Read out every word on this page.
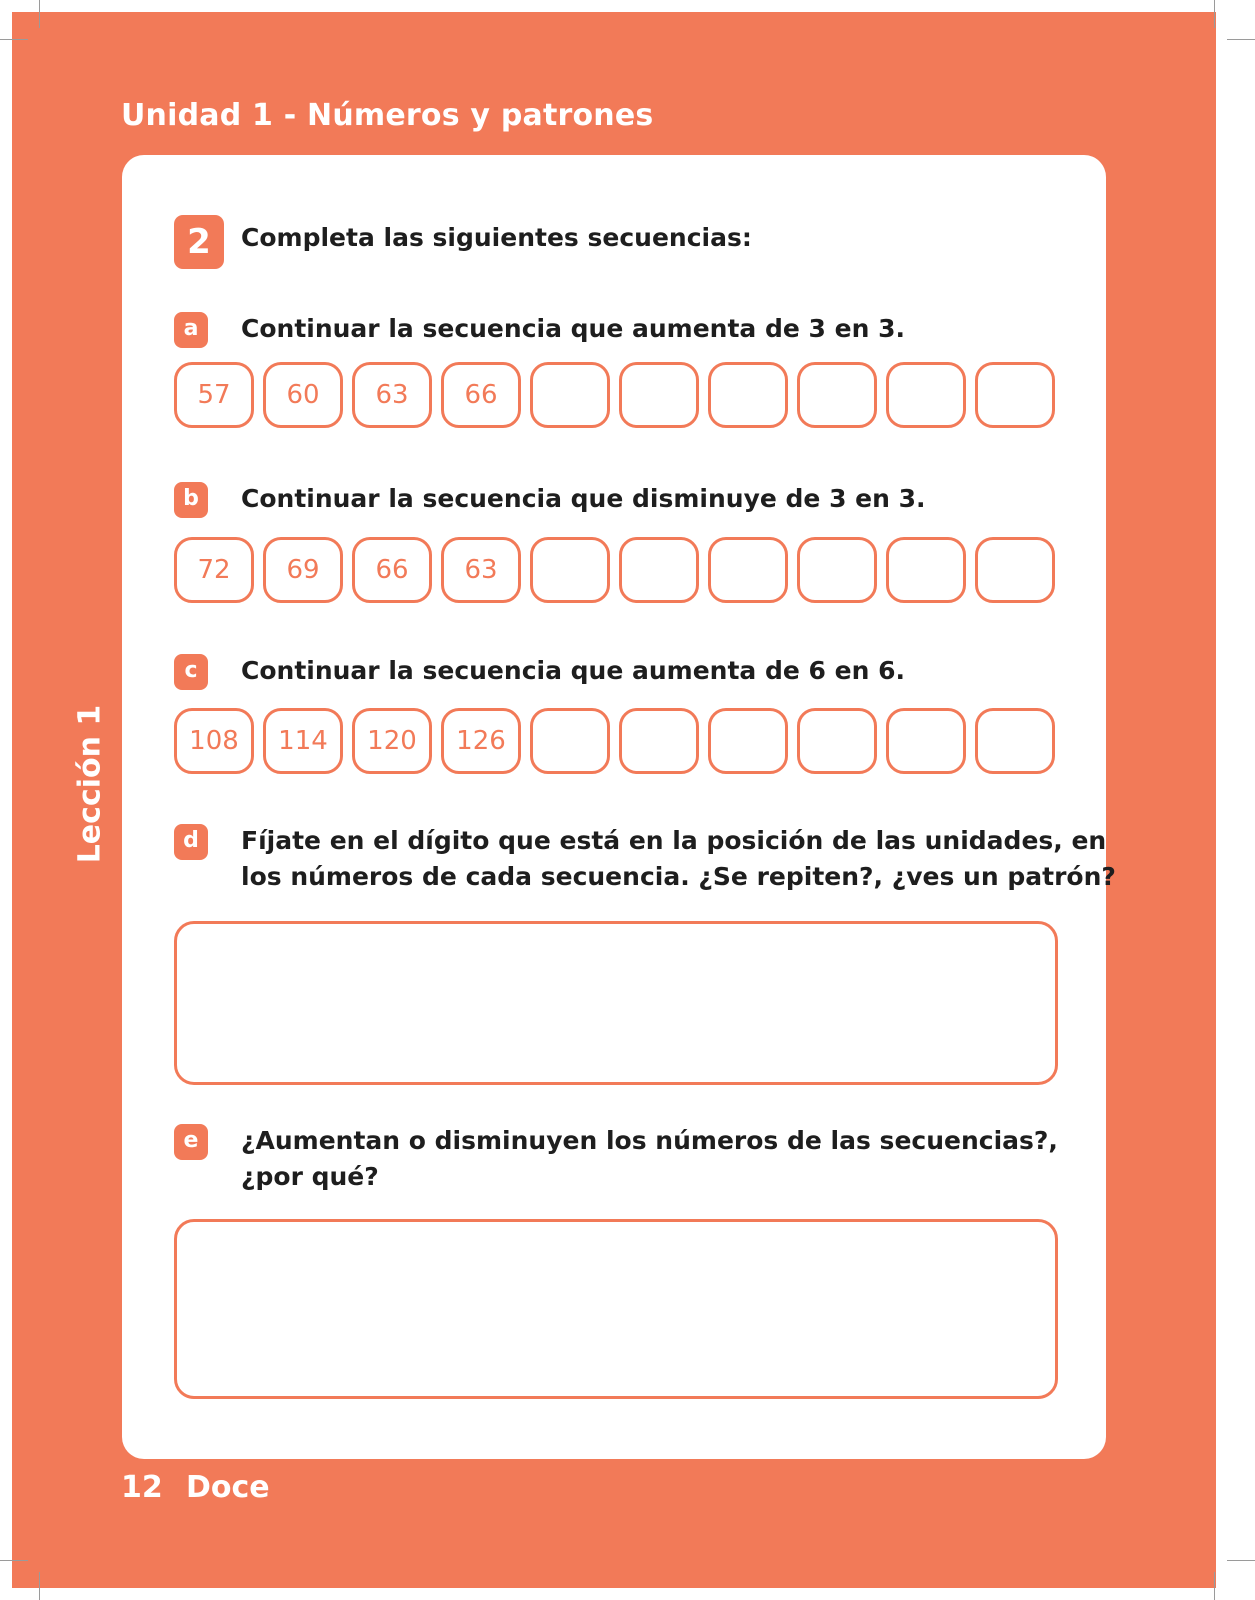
Unidad 1 - Números y patrones
Lección 1
2	Completa las siguientes secuencias:
a	Continuar la secuencia que aumenta de 3 en 3.
57	60	63	66
b	Continuar la secuencia que disminuye de 3 en 3.
72	69	66	63
c	Continuar la secuencia que aumenta de 6 en 6.
108	114	120	126
d	Fíjate en el dígito que está en la posición de las unidades, en
los números de cada secuencia. ¿Se repiten?, ¿ves un patrón?
e	¿Aumentan o disminuyen los números de las secuencias?,
¿por qué?
12 Doce
